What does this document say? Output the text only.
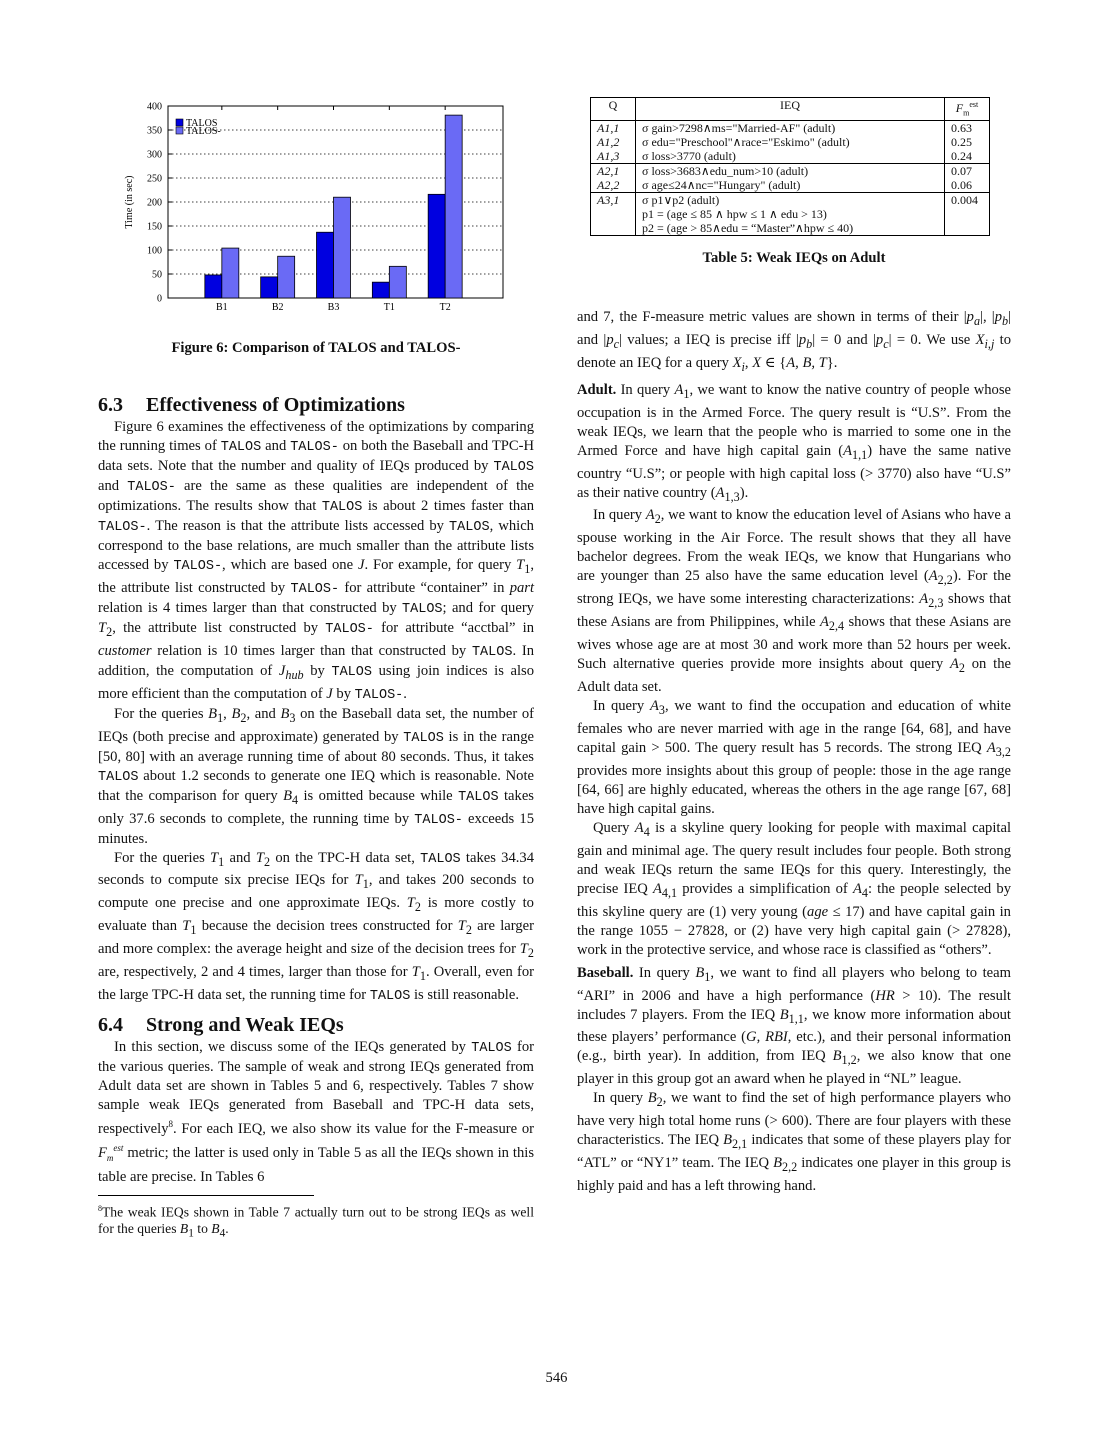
0
50
100
150
200
250
300
350
400
B1	B2	B3	T1	T2
Time (in sec)
TALOS
TALOS-
Figure 6: Comparison of TALOS and TALOS-
Q	IEQ	$F_m^{est}$
A1,1	σ gain>7298∧ms="Married-AF" (adult)	0.63
A1,2	σ edu="Preschool"∧race="Eskimo" (adult)	0.25
A1,3	σ loss>3770 (adult)	0.24
A2,1	σ loss>3683∧edu_num>10 (adult)	0.07
A2,2	σ age≤24∧nc="Hungary" (adult)	0.06
A3,1	σ p1∨p2 (adult)	0.004
	p1 = (age ≤ 85 ∧ hpw ≤ 1 ∧ edu > 13)	
	p2 = (age > 85∧edu = “Master”∧hpw ≤ 40)	
Table 5: Weak IEQs on Adult
6.3 Effectiveness of Optimizations

Figure 6 examines the effectiveness of the optimizations by comparing the running times of TALOS and TALOS- on both the Baseball and TPC-H data sets. Note that the number and quality of IEQs produced by TALOS and TALOS- are the same as these qualities are independent of the optimizations. The results show that TALOS is about 2 times faster than TALOS-. The reason is that the attribute lists accessed by TALOS, which correspond to the base relations, are much smaller than the attribute lists accessed by TALOS-, which are based one J. For example, for query $T_1$, the attribute list constructed by TALOS- for attribute “container” in part relation is 4 times larger than that constructed by TALOS; and for query $T_2$, the attribute list constructed by TALOS- for attribute “acctbal” in customer relation is 10 times larger than that constructed by TALOS. In addition, the computation of $J_{hub}$ by TALOS using join indices is also more efficient than the computation of J by TALOS-.

For the queries $B_1$, $B_2$, and $B_3$ on the Baseball data set, the number of IEQs (both precise and approximate) generated by TALOS is in the range [50, 80] with an average running time of about 80 seconds. Thus, it takes TALOS about 1.2 seconds to generate one IEQ which is reasonable. Note that the comparison for query $B_4$ is omitted because while TALOS takes only 37.6 seconds to complete, the running time by TALOS- exceeds 15 minutes.

For the queries $T_1$ and $T_2$ on the TPC-H data set, TALOS takes 34.34 seconds to compute six precise IEQs for $T_1$, and takes 200 seconds to compute one precise and one approximate IEQs. $T_2$ is more costly to evaluate than $T_1$ because the decision trees constructed for $T_2$ are larger and more complex: the average height and size of the decision trees for $T_2$ are, respectively, 2 and 4 times, larger than those for $T_1$. Overall, even for the large TPC-H data set, the running time for TALOS is still reasonable.

6.4 Strong and Weak IEQs

In this section, we discuss some of the IEQs generated by TALOS for the various queries. The sample of weak and strong IEQs generated from Adult data set are shown in Tables 5 and 6, respectively. Tables 7 show sample weak IEQs generated from Baseball and TPC-H data sets, respectively$^8$. For each IEQ, we also show its value for the F-measure or $F_m^{est}$ metric; the latter is used only in Table 5 as all the IEQs shown in this table are precise. In Tables 6

$^8$The weak IEQs shown in Table 7 actually turn out to be strong IEQs as well for the queries $B_1$ to $B_4$.

and 7, the F-measure metric values are shown in terms of their $|p_a|$, $|p_b|$ and $|p_c|$ values; a IEQ is precise iff $|p_b| = 0$ and $|p_c| = 0$. We use $X_{i,j}$ to denote an IEQ for a query $X_i$, X ∈ {A, B, T}.

Adult. In query $A_1$, we want to know the native country of people whose occupation is in the Armed Force. The query result is “U.S”. From the weak IEQs, we learn that the people who is married to some one in the Armed Force and have high capital gain $(A_{1,1})$ have the same native country “U.S”; or people with high capital loss (> 3770) also have “U.S” as their native country $(A_{1,3})$.

In query $A_2$, we want to know the education level of Asians who have a spouse working in the Air Force. The result shows that they all have bachelor degrees. From the weak IEQs, we know that Hungarians who are younger than 25 also have the same education level $(A_{2,2})$. For the strong IEQs, we have some interesting characterizations: $A_{2,3}$ shows that these Asians are from Philippines, while $A_{2,4}$ shows that these Asians are wives whose age are at most 30 and work more than 52 hours per week. Such alternative queries provide more insights about query $A_2$ on the Adult data set.

In query $A_3$, we want to find the occupation and education of white females who are never married with age in the range [64, 68], and have capital gain > 500. The query result has 5 records. The strong IEQ $A_{3,2}$ provides more insights about this group of people: those in the age range [64, 66] are highly educated, whereas the others in the age range [67, 68] have high capital gains.

Query $A_4$ is a skyline query looking for people with maximal capital gain and minimal age. The query result includes four people. Both strong and weak IEQs return the same IEQs for this query. Interestingly, the precise IEQ $A_{4,1}$ provides a simplification of $A_4$: the people selected by this skyline query are (1) very young (age ≤ 17) and have capital gain in the range 1055 − 27828, or (2) have very high capital gain (> 27828), work in the protective service, and whose race is classified as “others”.

Baseball. In query $B_1$, we want to find all players who belong to team “ARI” in 2006 and have a high performance (HR > 10). The result includes 7 players. From the IEQ $B_{1,1}$, we know more information about these players’ performance (G, RBI, etc.), and their personal information (e.g., birth year). In addition, from IEQ $B_{1,2}$, we also know that one player in this group got an award when he played in “NL” league.

In query $B_2$, we want to find the set of high performance players who have very high total home runs (> 600). There are four players with these characteristics. The IEQ $B_{2,1}$ indicates that some of these players play for “ATL” or “NY1” team. The IEQ $B_{2,2}$ indicates one player in this group is highly paid and has a left throwing hand.

546
